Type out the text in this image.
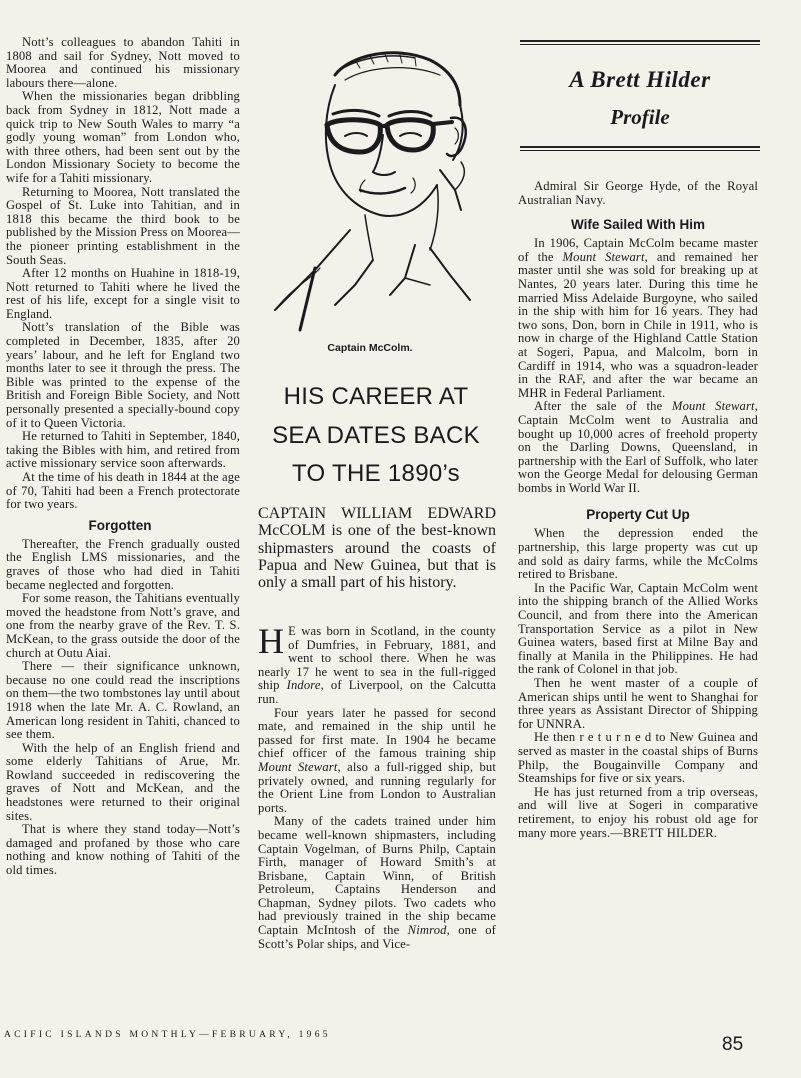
Nott’s colleagues to abandon Tahiti in 1808 and sail for Sydney, Nott moved to Moorea and continued his missionary labours there—alone.

When the missionaries began dribbling back from Sydney in 1812, Nott made a quick trip to New South Wales to marry “a godly young woman” from London who, with three others, had been sent out by the London Missionary Society to become the wife for a Tahiti missionary.

Returning to Moorea, Nott translated the Gospel of St. Luke into Tahitian, and in 1818 this became the third book to be published by the Mission Press on Moorea—the pioneer printing establishment in the South Seas.

After 12 months on Huahine in 1818-19, Nott returned to Tahiti where he lived the rest of his life, except for a single visit to England.

Nott’s translation of the Bible was completed in December, 1835, after 20 years’ labour, and he left for England two months later to see it through the press. The Bible was printed to the expense of the British and Foreign Bible Society, and Nott personally presented a specially-bound copy of it to Queen Victoria.

He returned to Tahiti in September, 1840, taking the Bibles with him, and retired from active missionary service soon afterwards.

At the time of his death in 1844 at the age of 70, Tahiti had been a French protectorate for two years.

Forgotten

Thereafter, the French gradually ousted the English LMS missionaries, and the graves of those who had died in Tahiti became neglected and forgotten.

For some reason, the Tahitians eventually moved the headstone from Nott’s grave, and one from the nearby grave of the Rev. T. S. McKean, to the grass outside the door of the church at Outu Aiai.

There — their significance unknown, because no one could read the inscriptions on them—the two tombstones lay until about 1918 when the late Mr. A. C. Rowland, an American long resident in Tahiti, chanced to see them.

With the help of an English friend and some elderly Tahitians of Arue, Mr. Rowland succeeded in rediscovering the graves of Nott and McKean, and the headstones were returned to their original sites.

That is where they stand today—Nott’s damaged and profaned by those who care nothing and know nothing of Tahiti of the old times.

Captain McColm.
HIS CAREER AT
SEA DATES BACK
TO THE 1890’s
CAPTAIN WILLIAM EDWARD McCOLM is one of the best-known shipmasters around the coasts of Papua and New Guinea, but that is only a small part of his history.

H E was born in Scotland, in the county of Dumfries, in February, 1881, and went to school there. When he was nearly 17 he went to sea in the full-rigged ship Indore, of Liverpool, on the Calcutta run.

Four years later he passed for second mate, and remained in the ship until he passed for first mate. In 1904 he became chief officer of the famous training ship Mount Stewart, also a full-rigged ship, but privately owned, and running regularly for the Orient Line from London to Australian ports.

Many of the cadets trained under him became well-known shipmasters, including Captain Vogelman, of Burns Philp, Captain Firth, manager of Howard Smith’s at Brisbane, Captain Winn, of British Petroleum, Captains Henderson and Chapman, Sydney pilots. Two cadets who had previously trained in the ship became Captain McIntosh of the Nimrod, one of Scott’s Polar ships, and Vice-

A Brett Hilder
Profile

Admiral Sir George Hyde, of the Royal Australian Navy.

Wife Sailed With Him

In 1906, Captain McColm became master of the Mount Stewart, and remained her master until she was sold for breaking up at Nantes, 20 years later. During this time he married Miss Adelaide Burgoyne, who sailed in the ship with him for 16 years. They had two sons, Don, born in Chile in 1911, who is now in charge of the Highland Cattle Station at Sogeri, Papua, and Malcolm, born in Cardiff in 1914, who was a squadron-leader in the RAF, and after the war became an MHR in Federal Parliament.

After the sale of the Mount Stewart, Captain McColm went to Australia and bought up 10,000 acres of freehold property on the Darling Downs, Queensland, in partnership with the Earl of Suffolk, who later won the George Medal for delousing German bombs in World War II.

Property Cut Up

When the depression ended the partnership, this large property was cut up and sold as dairy farms, while the McColms retired to Brisbane.

In the Pacific War, Captain McColm went into the shipping branch of the Allied Works Council, and from there into the American Transportation Service as a pilot in New Guinea waters, based first at Milne Bay and finally at Manila in the Philippines. He had the rank of Colonel in that job.

Then he went master of a couple of American ships until he went to Shanghai for three years as Assistant Director of Shipping for UNNRA.

He then r e t u r n e d to New Guinea and served as master in the coastal ships of Burns Philp, the Bougainville Company and Steamships for five or six years.

He has just returned from a trip overseas, and will live at Sogeri in comparative retirement, to enjoy his robust old age for many more years.—BRETT HILDER.

ACIFIC ISLANDS MONTHLY—FEBRUARY, 1965	85
